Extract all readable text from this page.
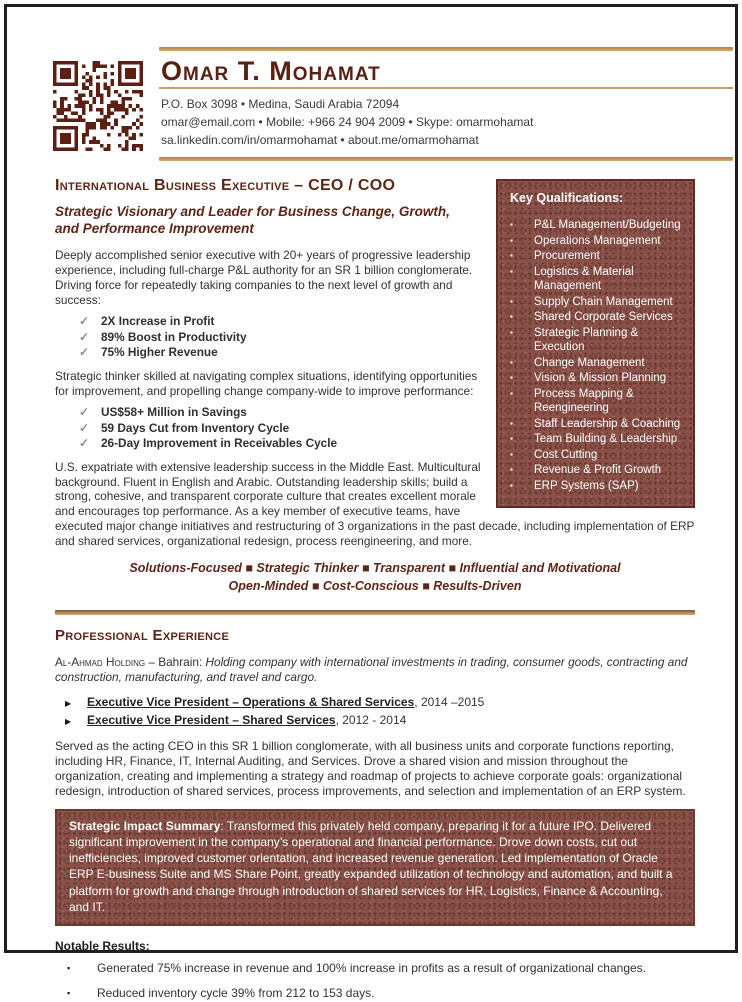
Omar T. Mohamat

P.O. Box 3098 • Medina, Saudi Arabia 72094

omar@email.com • Mobile: +966 24 904 2009 • Skype: omarmohamat

sa.linkedin.com/in/omarmohamat • about.me/omarmohamat

Key Qualifications:

▪	P&L Management/Budgeting
▪	Operations Management
▪	Procurement
▪	Logistics & Material Management
▪	Supply Chain Management
▪	Shared Corporate Services
▪	Strategic Planning & Execution
▪	Change Management
▪	Vision & Mission Planning
▪	Process Mapping & Reengineering
▪	Staff Leadership & Coaching
▪	Team Building & Leadership
▪	Cost Cutting
▪	Revenue & Profit Growth
▪	ERP Systems (SAP)
International Business Executive – CEO / COO
Strategic Visionary and Leader for Business Change, Growth,
and Performance Improvement

Deeply accomplished senior executive with 20+ years of progressive leadership experience, including full-charge P&L authority for an SR 1 billion conglomerate. Driving force for repeatedly taking companies to the next level of growth and success:

✓	2X Increase in Profit
✓	89% Boost in Productivity
✓	75% Higher Revenue

Strategic thinker skilled at navigating complex situations, identifying opportunities for improvement, and propelling change company-wide to improve performance:

✓	US$58+ Million in Savings
✓	59 Days Cut from Inventory Cycle
✓	26-Day Improvement in Receivables Cycle

U.S. expatriate with extensive leadership success in the Middle East. Multicultural background. Fluent in English and Arabic. Outstanding leadership skills; build a strong, cohesive, and transparent corporate culture that creates excellent morale and encourages top performance. As a key member of executive teams, have executed major change initiatives and restructuring of 3 organizations in the past decade, including implementation of ERP and shared services, organizational redesign, process reengineering, and more.

Solutions-Focused ■ Strategic Thinker ■ Transparent ■ Influential and Motivational
Open-Minded ■ Cost-Conscious ■ Results-Driven
Professional Experience

Al-Ahmad Holding – Bahrain: Holding company with international investments in trading, consumer goods, contracting and construction, manufacturing, and travel and cargo.

▶	Executive Vice President – Operations & Shared Services , 2014 –2015
▶	Executive Vice President – Shared Services , 2012 - 2014

Served as the acting CEO in this SR 1 billion conglomerate, with all business units and corporate functions reporting, including HR, Finance, IT, Internal Auditing, and Services. Drove a shared vision and mission throughout the organization, creating and implementing a strategy and roadmap of projects to achieve corporate goals: organizational redesign, introduction of shared services, process improvements, and selection and implementation of an ERP system.

Strategic Impact Summary: Transformed this privately held company, preparing it for a future IPO. Delivered significant improvement in the company’s operational and financial performance. Drove down costs, cut out inefficiencies, improved customer orientation, and increased revenue generation. Led implementation of Oracle ERP E-business Suite and MS Share Point, greatly expanded utilization of technology and automation, and built a platform for growth and change through introduction of shared services for HR, Logistics, Finance & Accounting, and IT.

Notable Results:

▪	Generated 75% increase in revenue and 100% increase in profits as a result of organizational changes.
▪	Reduced inventory cycle 39% from 212 to 153 days.
